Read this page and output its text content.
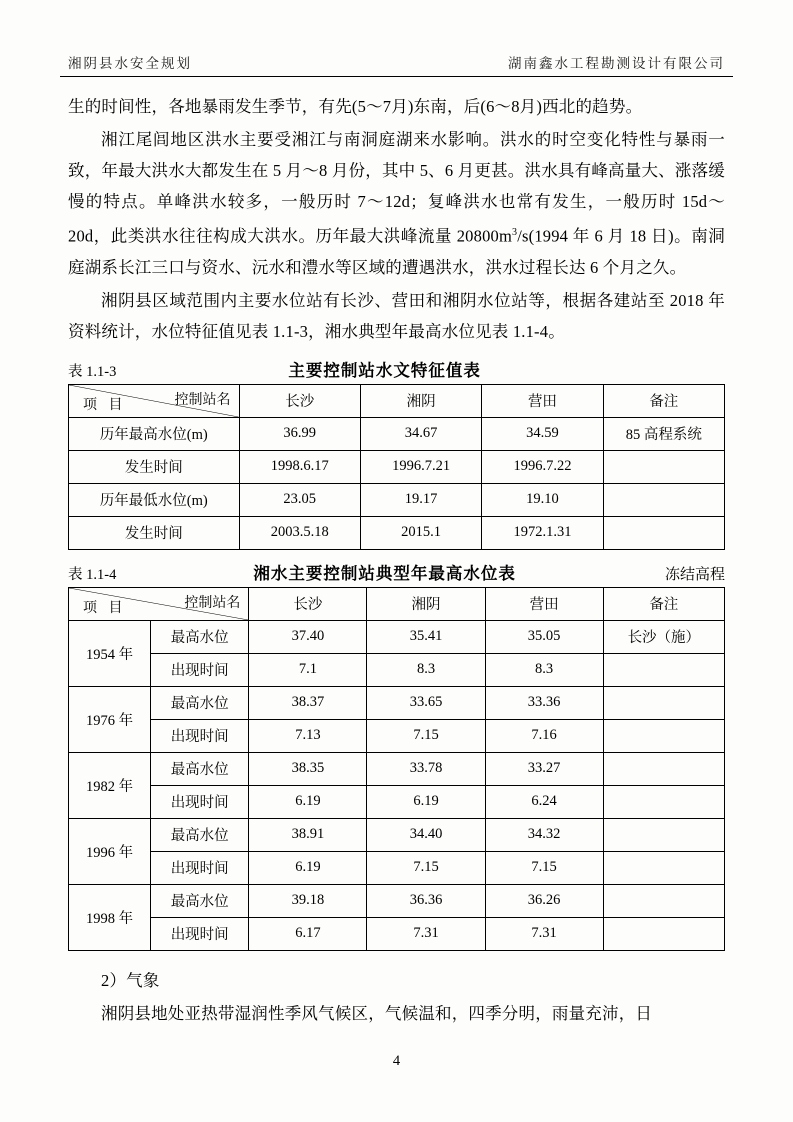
湘阴县水安全规划	湖南鑫水工程勘测设计有限公司

生的时间性，各地暴雨发生季节，有先(5～7月)东南，后(6～8月)西北的趋势。

湘江尾闾地区洪水主要受湘江与南洞庭湖来水影响。洪水的时空变化特性与暴雨一致，年最大洪水大都发生在 5 月～8 月份，其中 5、6 月更甚。洪水具有峰高量大、涨落缓慢的特点。单峰洪水较多，一般历时 7～12d；复峰洪水也常有发生，一般历时 15d～20d，此类洪水往往构成大洪水。历年最大洪峰流量 $20800m^3/s(1994$ 年 6 月 18 日)。南洞庭湖系长江三口与资水、沅水和澧水等区域的遭遇洪水，洪水过程长达 6 个月之久。

湘阴县区域范围内主要水位站有长沙、营田和湘阴水位站等，根据各建站至 2018 年资料统计，水位特征值见表 1.1-3，湘水典型年最高水位见表 1.1-4。

表 1.1-3	主要控制站水文特征值表
控制站名
项 目	长沙	湘阴	营田	备注
历年最高水位(m)	36.99	34.67	34.59	85 高程系统
发生时间	1998.6.17	1996.7.21	1996.7.22	
历年最低水位(m)	23.05	19.17	19.10	
发生时间	2003.5.18	2015.1	1972.1.31	
表 1.1-4	湘水主要控制站典型年最高水位表	冻结高程
控制站名
项 目		长沙	湘阴	营田	备注
1954 年	最高水位	37.40	35.41	35.05	长沙（施）
	出现时间	7.1	8.3	8.3	
1976 年	最高水位	38.37	33.65	33.36	
	出现时间	7.13	7.15	7.16	
1982 年	最高水位	38.35	33.78	33.27	
	出现时间	6.19	6.19	6.24	
1996 年	最高水位	38.91	34.40	34.32	
	出现时间	6.19	7.15	7.15	
1998 年	最高水位	39.18	36.36	36.26	
	出现时间	6.17	7.31	7.31	

2）气象

湘阴县地处亚热带湿润性季风气候区，气候温和，四季分明，雨量充沛，日

4
